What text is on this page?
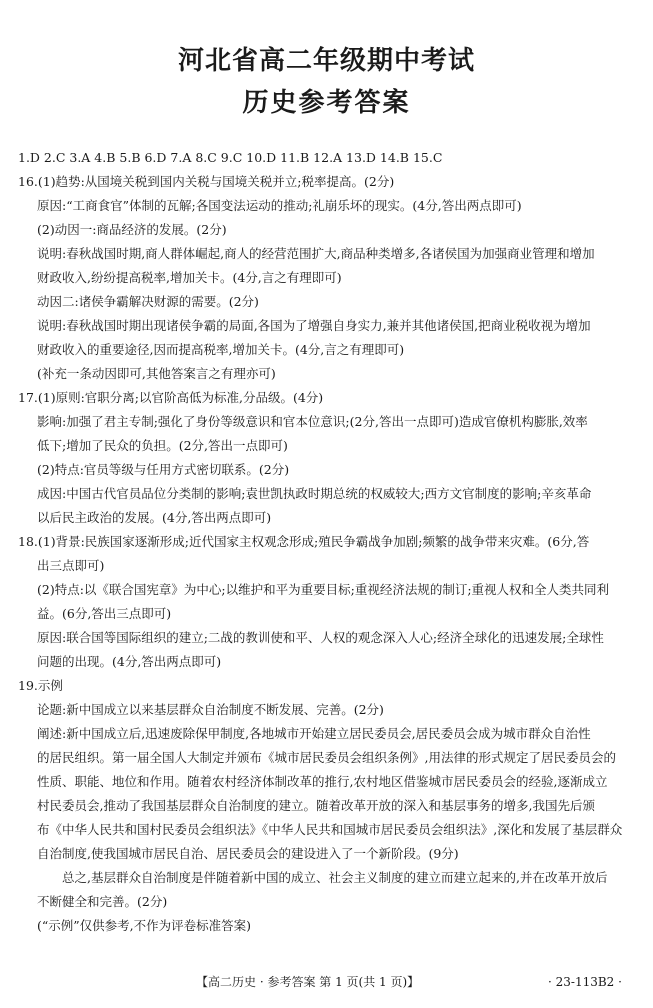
河北省高二年级期中考试
历史参考答案
1.D 2.C 3.A 4.B 5.B 6.D 7.A 8.C 9.C 10.D 11.B 12.A 13.D 14.B 15.C
16.(1)趋势:从国境关税到国内关税与国境关税并立;税率提高。(2分)
原因:“工商食官”体制的瓦解;各国变法运动的推动;礼崩乐坏的现实。(4分,答出两点即可)
(2)动因一:商品经济的发展。(2分)
说明:春秋战国时期,商人群体崛起,商人的经营范围扩大,商品种类增多,各诸侯国为加强商业管理和增加
财政收入,纷纷提高税率,增加关卡。(4分,言之有理即可)
动因二:诸侯争霸解决财源的需要。(2分)
说明:春秋战国时期出现诸侯争霸的局面,各国为了增强自身实力,兼并其他诸侯国,把商业税收视为增加
财政收入的重要途径,因而提高税率,增加关卡。(4分,言之有理即可)
(补充一条动因即可,其他答案言之有理亦可)
17.(1)原则:官职分离;以官阶高低为标准,分品级。(4分)
影响:加强了君主专制;强化了身份等级意识和官本位意识;(2分,答出一点即可)造成官僚机构膨胀,效率
低下;增加了民众的负担。(2分,答出一点即可)
(2)特点:官员等级与任用方式密切联系。(2分)
成因:中国古代官员品位分类制的影响;袁世凯执政时期总统的权威较大;西方文官制度的影响;辛亥革命
以后民主政治的发展。(4分,答出两点即可)
18.(1)背景:民族国家逐渐形成;近代国家主权观念形成;殖民争霸战争加剧;频繁的战争带来灾难。(6分,答
出三点即可)
(2)特点:以《联合国宪章》为中心;以维护和平为重要目标;重视经济法规的制订;重视人权和全人类共同利
益。(6分,答出三点即可)
原因:联合国等国际组织的建立;二战的教训使和平、人权的观念深入人心;经济全球化的迅速发展;全球性
问题的出现。(4分,答出两点即可)
19.示例
论题:新中国成立以来基层群众自治制度不断发展、完善。(2分)
阐述:新中国成立后,迅速废除保甲制度,各地城市开始建立居民委员会,居民委员会成为城市群众自治性
的居民组织。第一届全国人大制定并颁布《城市居民委员会组织条例》,用法律的形式规定了居民委员会的
性质、职能、地位和作用。随着农村经济体制改革的推行,农村地区借鉴城市居民委员会的经验,逐渐成立
村民委员会,推动了我国基层群众自治制度的建立。随着改革开放的深入和基层事务的增多,我国先后颁
布《中华人民共和国村民委员会组织法》《中华人民共和国城市居民委员会组织法》,深化和发展了基层群众
自治制度,使我国城市居民自治、居民委员会的建设进入了一个新阶段。(9分)
总之,基层群众自治制度是伴随着新中国的成立、社会主义制度的建立而建立起来的,并在改革开放后
不断健全和完善。(2分)
(“示例”仅供参考,不作为评卷标准答案)
【高二历史 · 参考答案 第 1 页(共 1 页)】	· 23-113B2 ·
